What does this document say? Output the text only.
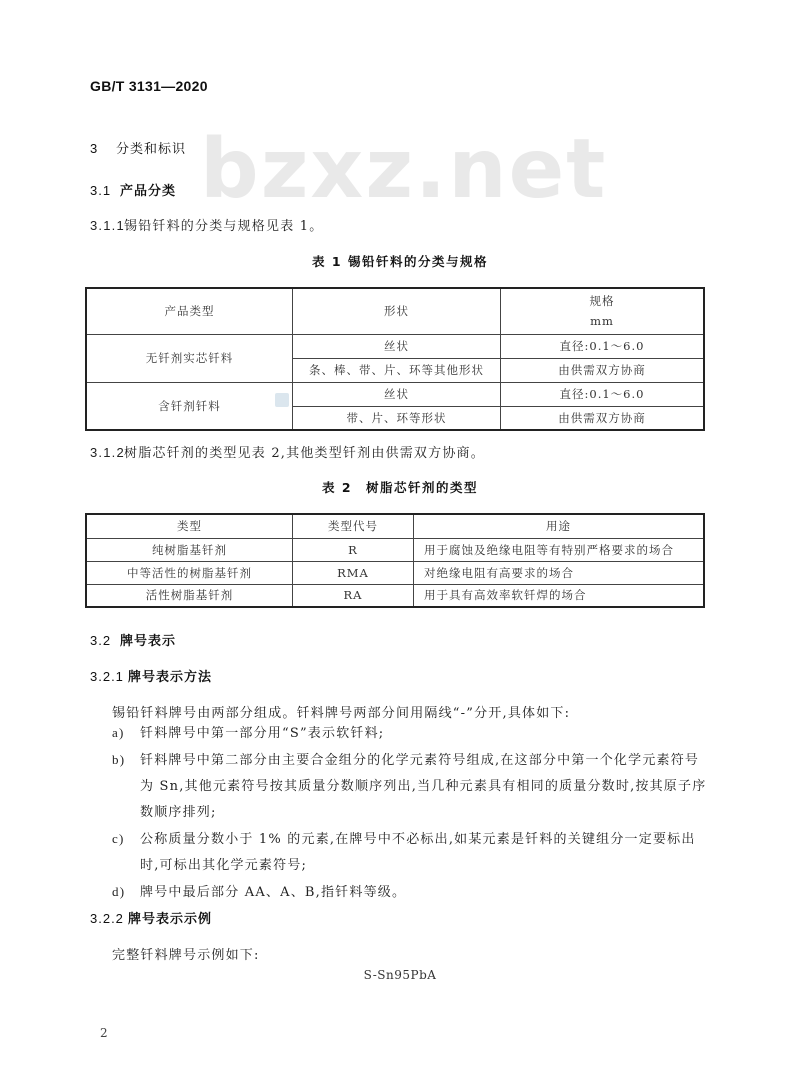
GB/T 3131—2020
bzxz.net
3 分类和标识
3.1 产品分类
3.1.1锡铅钎料的分类与规格见表 1。
表 1 锡铅钎料的分类与规格
产品类型	形状	规格
mm

无钎剂实芯钎料	丝状	直径:0.1～6.0
	条、棒、带、片、环等其他形状	由供需双方协商
含钎剂钎料	丝状	直径:0.1～6.0
	带、片、环等形状	由供需双方协商
3.1.2树脂芯钎剂的类型见表 2,其他类型钎剂由供需双方协商。
表 2　树脂芯钎剂的类型
类型	类型代号	用途
纯树脂基钎剂	R	用于腐蚀及绝缘电阻等有特别严格要求的场合
中等活性的树脂基钎剂	RMA	对绝缘电阻有高要求的场合
活性树脂基钎剂	RA	用于具有高效率软钎焊的场合
3.2 牌号表示
3.2.1 牌号表示方法
锡铅钎料牌号由两部分组成。钎料牌号两部分间用隔线“-”分开,具体如下:
a) 钎料牌号中第一部分用“S”表示软钎料;
b) 钎料牌号中第二部分由主要合金组分的化学元素符号组成,在这部分中第一个化学元素符号
为 Sn,其他元素符号按其质量分数顺序列出,当几种元素具有相同的质量分数时,按其原子序
数顺序排列;
c) 公称质量分数小于 1% 的元素,在牌号中不必标出,如某元素是钎料的关键组分一定要标出
时,可标出其化学元素符号;
d) 牌号中最后部分 AA、A、B,指钎料等级。
3.2.2 牌号表示示例
完整钎料牌号示例如下:
S-Sn95PbA
2
